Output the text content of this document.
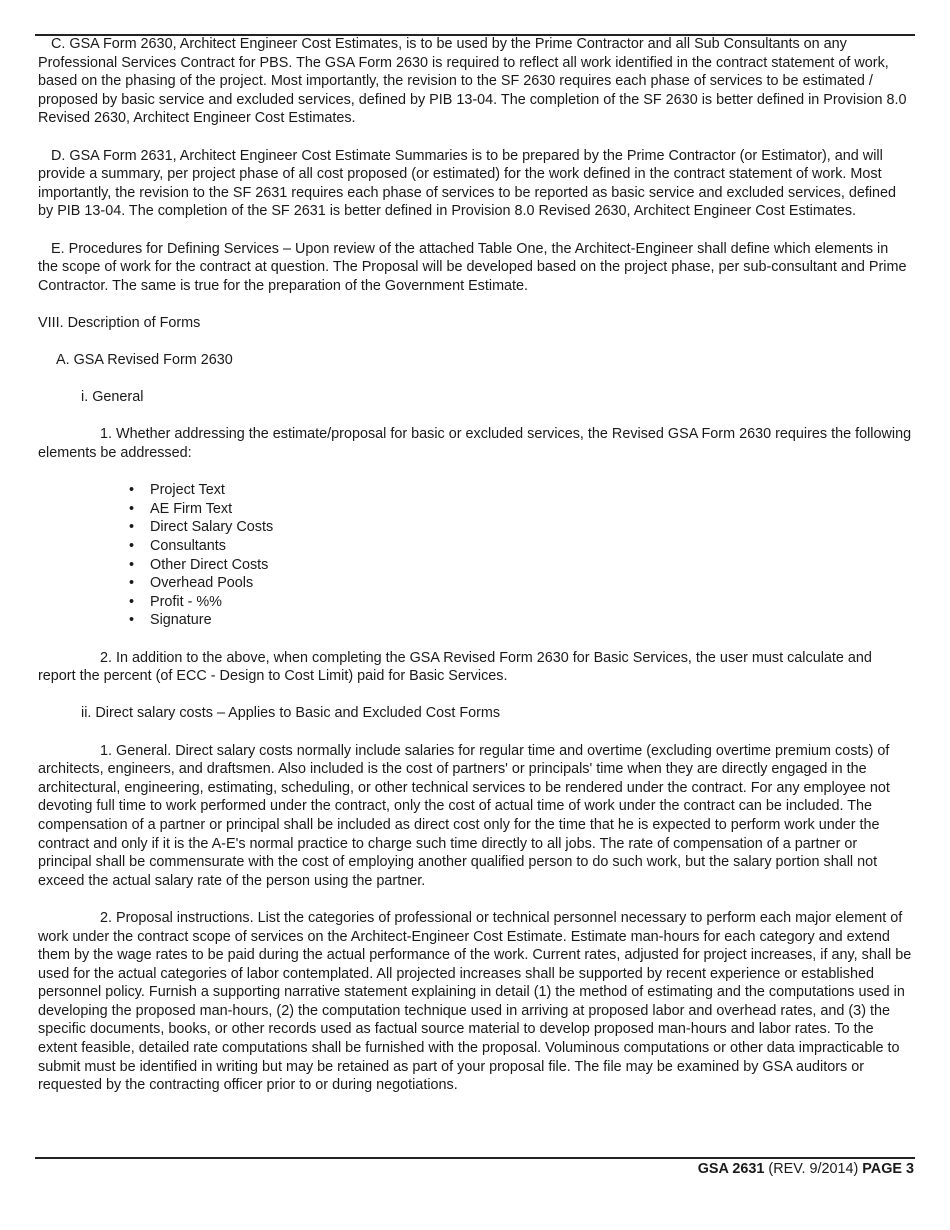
C. GSA Form 2630, Architect Engineer Cost Estimates, is to be used by the Prime Contractor and all Sub Consultants on any Professional Services Contract for PBS. The GSA Form 2630 is required to reflect all work identified in the contract statement of work, based on the phasing of the project. Most importantly, the revision to the SF 2630 requires each phase of services to be estimated / proposed by basic service and excluded services, defined by PIB 13-04. The completion of the SF 2630 is better defined in Provision 8.0 Revised 2630, Architect Engineer Cost Estimates.

D. GSA Form 2631, Architect Engineer Cost Estimate Summaries is to be prepared by the Prime Contractor (or Estimator), and will provide a summary, per project phase of all cost proposed (or estimated) for the work defined in the contract statement of work. Most importantly, the revision to the SF 2631 requires each phase of services to be reported as basic service and excluded services, defined by PIB 13-04. The completion of the SF 2631 is better defined in Provision 8.0 Revised 2630, Architect Engineer Cost Estimates.

E. Procedures for Defining Services – Upon review of the attached Table One, the Architect-Engineer shall define which elements in the scope of work for the contract at question. The Proposal will be developed based on the project phase, per sub-consultant and Prime Contractor. The same is true for the preparation of the Government Estimate.

VIII. Description of Forms

A. GSA Revised Form 2630

i. General

1. Whether addressing the estimate/proposal for basic or excluded services, the Revised GSA Form 2630 requires the following elements be addressed:

• Project Text
• AE Firm Text
• Direct Salary Costs
• Consultants
• Other Direct Costs
• Overhead Pools
• Profit - %%
• Signature

2. In addition to the above, when completing the GSA Revised Form 2630 for Basic Services, the user must calculate and report the percent (of ECC - Design to Cost Limit) paid for Basic Services.

ii. Direct salary costs – Applies to Basic and Excluded Cost Forms

1. General. Direct salary costs normally include salaries for regular time and overtime (excluding overtime premium costs) of architects, engineers, and draftsmen. Also included is the cost of partners' or principals' time when they are directly engaged in the architectural, engineering, estimating, scheduling, or other technical services to be rendered under the contract. For any employee not devoting full time to work performed under the contract, only the cost of actual time of work under the contract can be included. The compensation of a partner or principal shall be included as direct cost only for the time that he is expected to perform work under the contract and only if it is the A-E's normal practice to charge such time directly to all jobs. The rate of compensation of a partner or principal shall be commensurate with the cost of employing another qualified person to do such work, but the salary portion shall not exceed the actual salary rate of the person using the partner.

2. Proposal instructions. List the categories of professional or technical personnel necessary to perform each major element of work under the contract scope of services on the Architect-Engineer Cost Estimate. Estimate man-hours for each category and extend them by the wage rates to be paid during the actual performance of the work. Current rates, adjusted for project increases, if any, shall be used for the actual categories of labor contemplated. All projected increases shall be supported by recent experience or established personnel policy. Furnish a supporting narrative statement explaining in detail (1) the method of estimating and the computations used in developing the proposed man-hours, (2) the computation technique used in arriving at proposed labor and overhead rates, and (3) the specific documents, books, or other records used as factual source material to develop proposed man-hours and labor rates. To the extent feasible, detailed rate computations shall be furnished with the proposal. Voluminous computations or other data impracticable to submit must be identified in writing but may be retained as part of your proposal file. The file may be examined by GSA auditors or requested by the contracting officer prior to or during negotiations.

GSA 2631 (REV. 9/2014) PAGE 3
